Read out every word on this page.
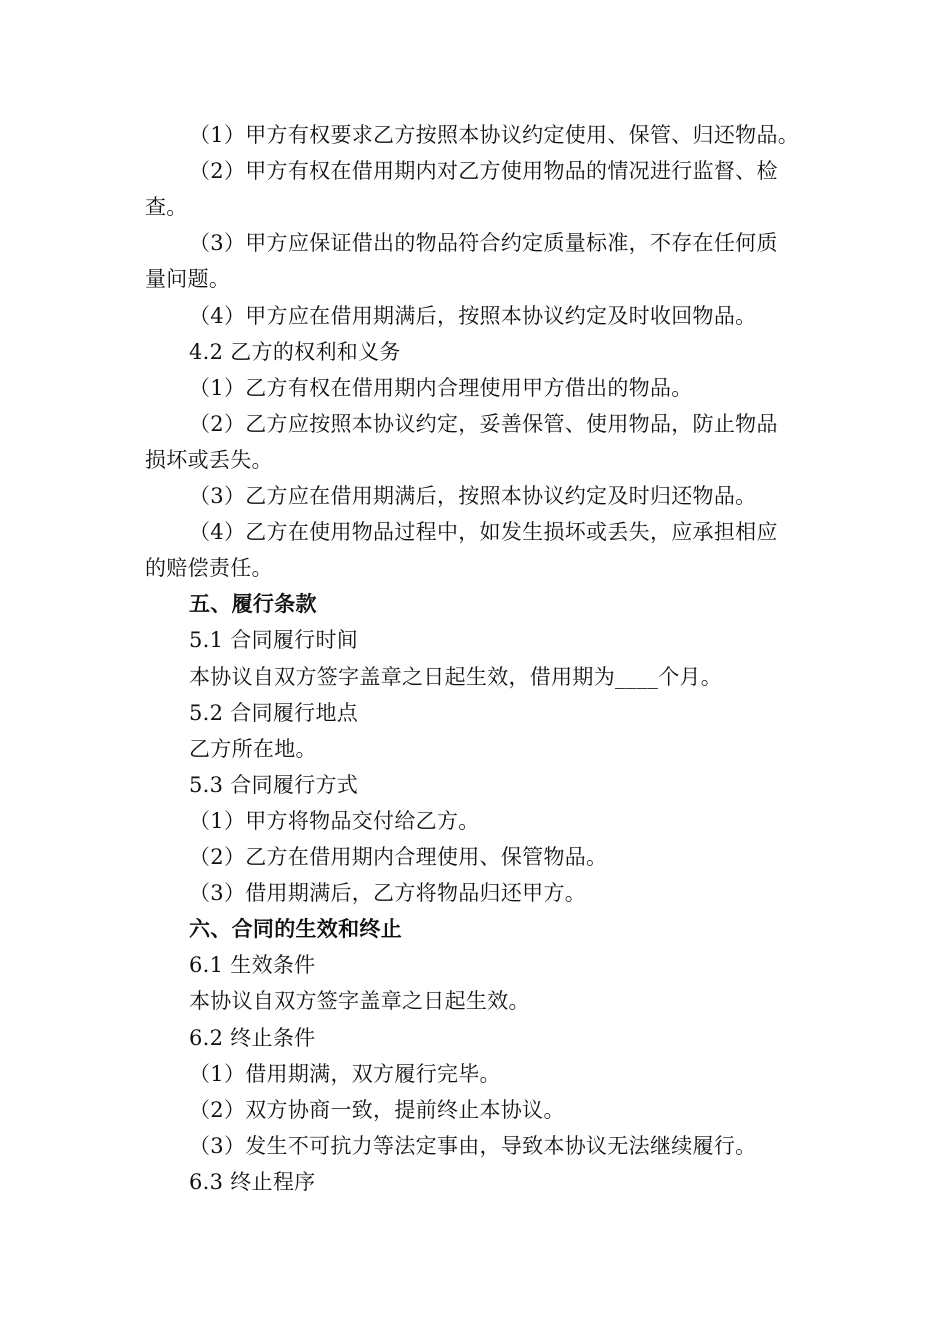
（1）甲方有权要求乙方按照本协议约定使用、保管、归还物品。
（2）甲方有权在借用期内对乙方使用物品的情况进行监督、检
查。
（3）甲方应保证借出的物品符合约定质量标准，不存在任何质
量问题。
（4）甲方应在借用期满后，按照本协议约定及时收回物品。
4.2 乙方的权利和义务
（1）乙方有权在借用期内合理使用甲方借出的物品。
（2）乙方应按照本协议约定，妥善保管、使用物品，防止物品
损坏或丢失。
（3）乙方应在借用期满后，按照本协议约定及时归还物品。
（4）乙方在使用物品过程中，如发生损坏或丢失，应承担相应
的赔偿责任。
五、履行条款
5.1 合同履行时间
本协议自双方签字盖章之日起生效，借用期为____个月。
5.2 合同履行地点
乙方所在地。
5.3 合同履行方式
（1）甲方将物品交付给乙方。
（2）乙方在借用期内合理使用、保管物品。
（3）借用期满后，乙方将物品归还甲方。
六、合同的生效和终止
6.1 生效条件
本协议自双方签字盖章之日起生效。
6.2 终止条件
（1）借用期满，双方履行完毕。
（2）双方协商一致，提前终止本协议。
（3）发生不可抗力等法定事由，导致本协议无法继续履行。
6.3 终止程序
